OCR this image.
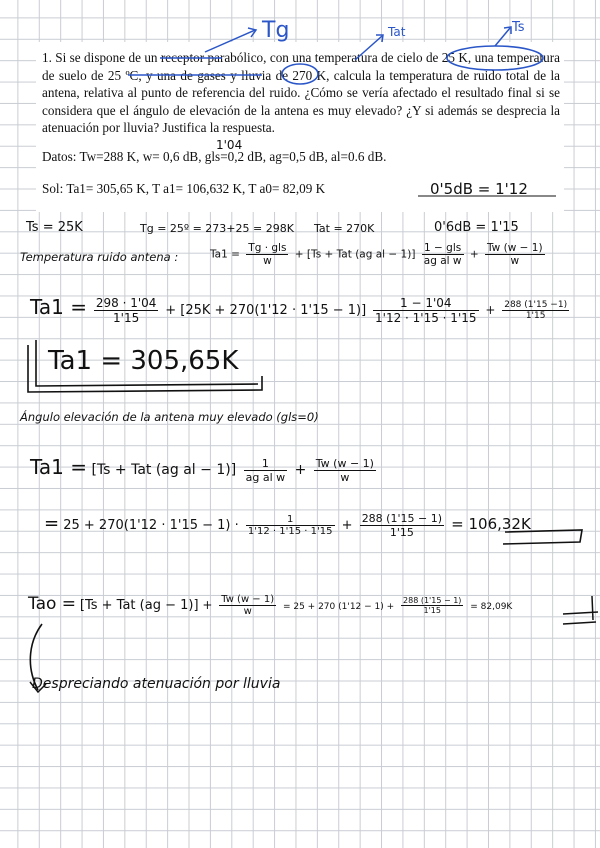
1. Si se dispone de un receptor parabólico, con una temperatura de cielo de 25 K, una temperatura de suelo de 25 ºC, y una de gases y lluvia de 270 K, calcula la temperatura de ruido total de la antena, relativa al punto de referencia del ruido. ¿Cómo se vería afectado el resultado final si se considera que el ángulo de elevación de la antena es muy elevado? ¿Y si además se desprecia la atenuación por lluvia? Justifica la respuesta.
Datos: Tw=288 K, w= 0,6 dB, gls=0,2 dB, ag=0,5 dB, al=0.6 dB.
Sol: Ta1= 305,65 K, T a1= 106,632 K, T a0= 82,09 K
Tg	Tat	Ts
1'04
0'5dB = 1'12
Ts = 25K	Tg = 25º = 273+25 = 298K Tat = 270K	0'6dB = 1'15
Temperatura ruido antena :	$Ta1 = \frac{\text{Tg · gls}}{w} + [Ts$ + Tat (ag al − $1)] \frac{\text{1 − gls}}{\text{ag al w}} + \frac{Tw (w - 1)}{w}$
$Ta1 = \frac{298 \cdot 1'04}{1'15} + [25K + 270(1'12 \cdot 1'15 - 1)] \frac{1 - 1'04}{1'12 \cdot 1'15 \cdot 1'15} + \frac{288 (1'15 -1)}{1'15}$
Ta1 = 305,65K
Ángulo elevación de la antena muy elevado (gls=0)
Ta1 = [Ts + Tat (ag al − $1)] \frac{1}{\text{ag al w}} + \frac{Tw (w - 1)}{w}$
= $25 + 270(1'12 \cdot 1'15 - 1) \cdot \frac{1}{1'12 \cdot 1'15 \cdot 1'15} + \frac{288 (1'15 - 1)}{1'15} = 106,32K$
Tao = [Ts + Tat $(ag - 1)] + \frac{Tw (w - 1)}{w} = 25 + 270$ $(1'12 - 1) + \frac{288 (1'15 - 1)}{1'15} = 82,09K$
Despreciando atenuación por lluvia
